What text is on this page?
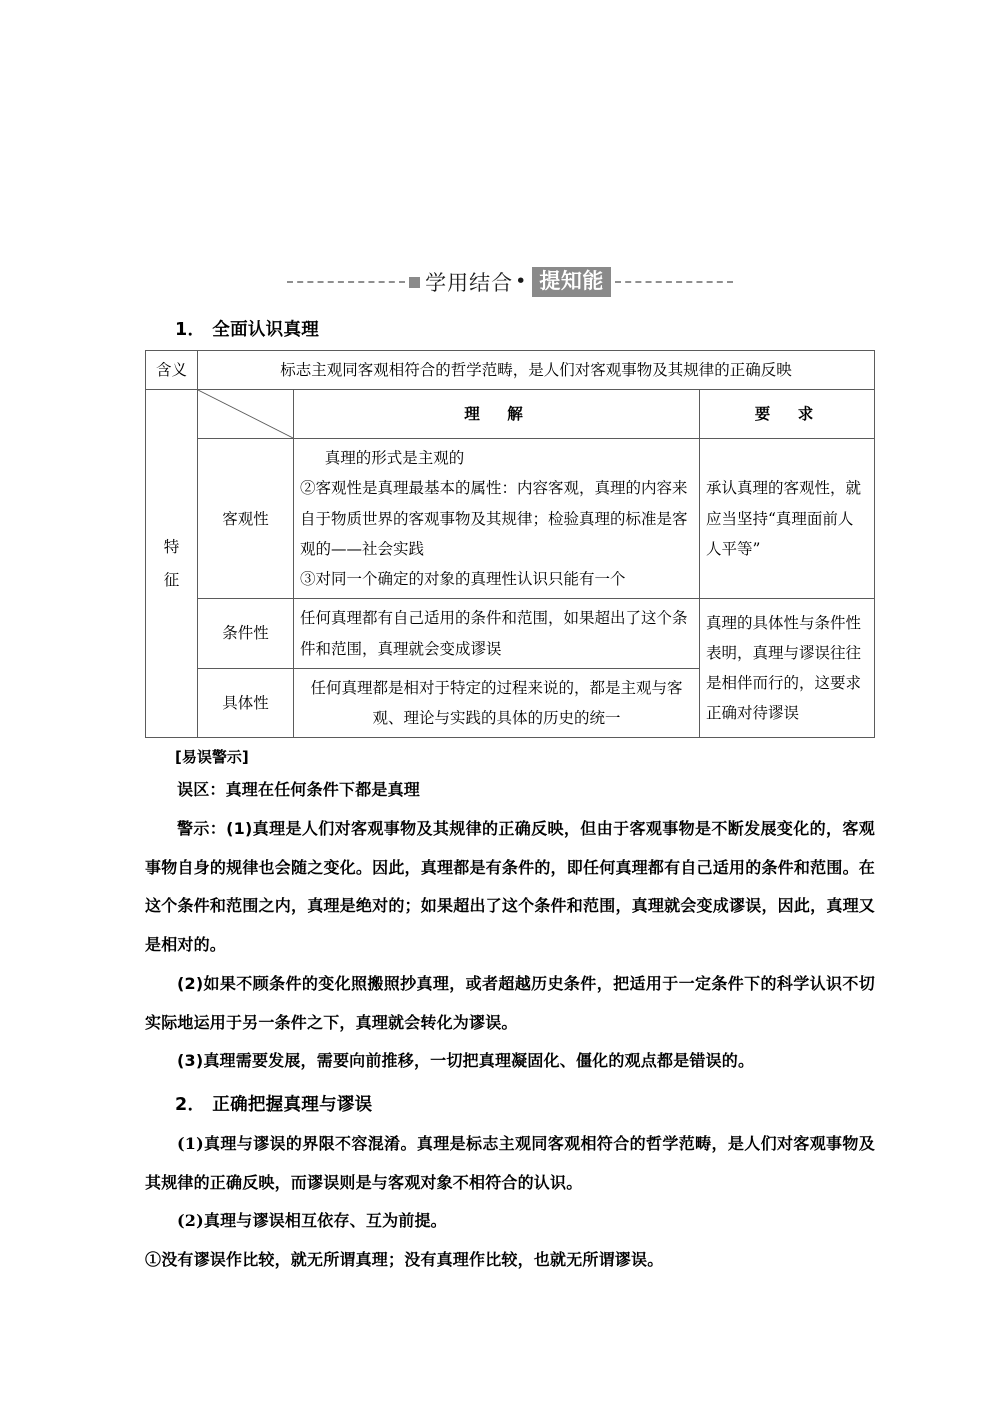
学用结合 • 提知能
1． 全面认识真理
含义	标志主观同客观相符合的哲学范畴，是人们对客观事物及其规律的正确反映		

特
征		理　解	要　求
	客观性	真理的形式是主观的

②客观性是真理最基本的属性：内容客观，真理的内容来自于物质世界的客观事物及其规律；检验真理的标准是客观的——社会实践

③对同一个确定的对象的真理性认识只能有一个	承认真理的客观性，就应当坚持“真理面前人人平等”
	条件性	任何真理都有自己适用的条件和范围，如果超出了这个条件和范围，真理就会变成谬误	真理的具体性与条件性表明，真理与谬误往往是相伴而行的，这要求正确对待谬误
	具体性	任何真理都是相对于特定的过程来说的，都是主观与客观、理论与实践的具体的历史的统一	

[易误警示]

误区：真理在任何条件下都是真理

警示：(1)真理是人们对客观事物及其规律的正确反映，但由于客观事物是不断发展变化的，客观事物自身的规律也会随之变化。因此，真理都是有条件的，即任何真理都有自己适用的条件和范围。在这个条件和范围之内，真理是绝对的；如果超出了这个条件和范围，真理就会变成谬误，因此，真理又是相对的。

(2)如果不顾条件的变化照搬照抄真理，或者超越历史条件，把适用于一定条件下的科学认识不切实际地运用于另一条件之下，真理就会转化为谬误。

(3)真理需要发展，需要向前推移，一切把真理凝固化、僵化的观点都是错误的。

2． 正确把握真理与谬误

(1)真理与谬误的界限不容混淆。真理是标志主观同客观相符合的哲学范畴，是人们对客观事物及其规律的正确反映，而谬误则是与客观对象不相符合的认识。

(2)真理与谬误相互依存、互为前提。

①没有谬误作比较，就无所谓真理；没有真理作比较，也就无所谓谬误。
